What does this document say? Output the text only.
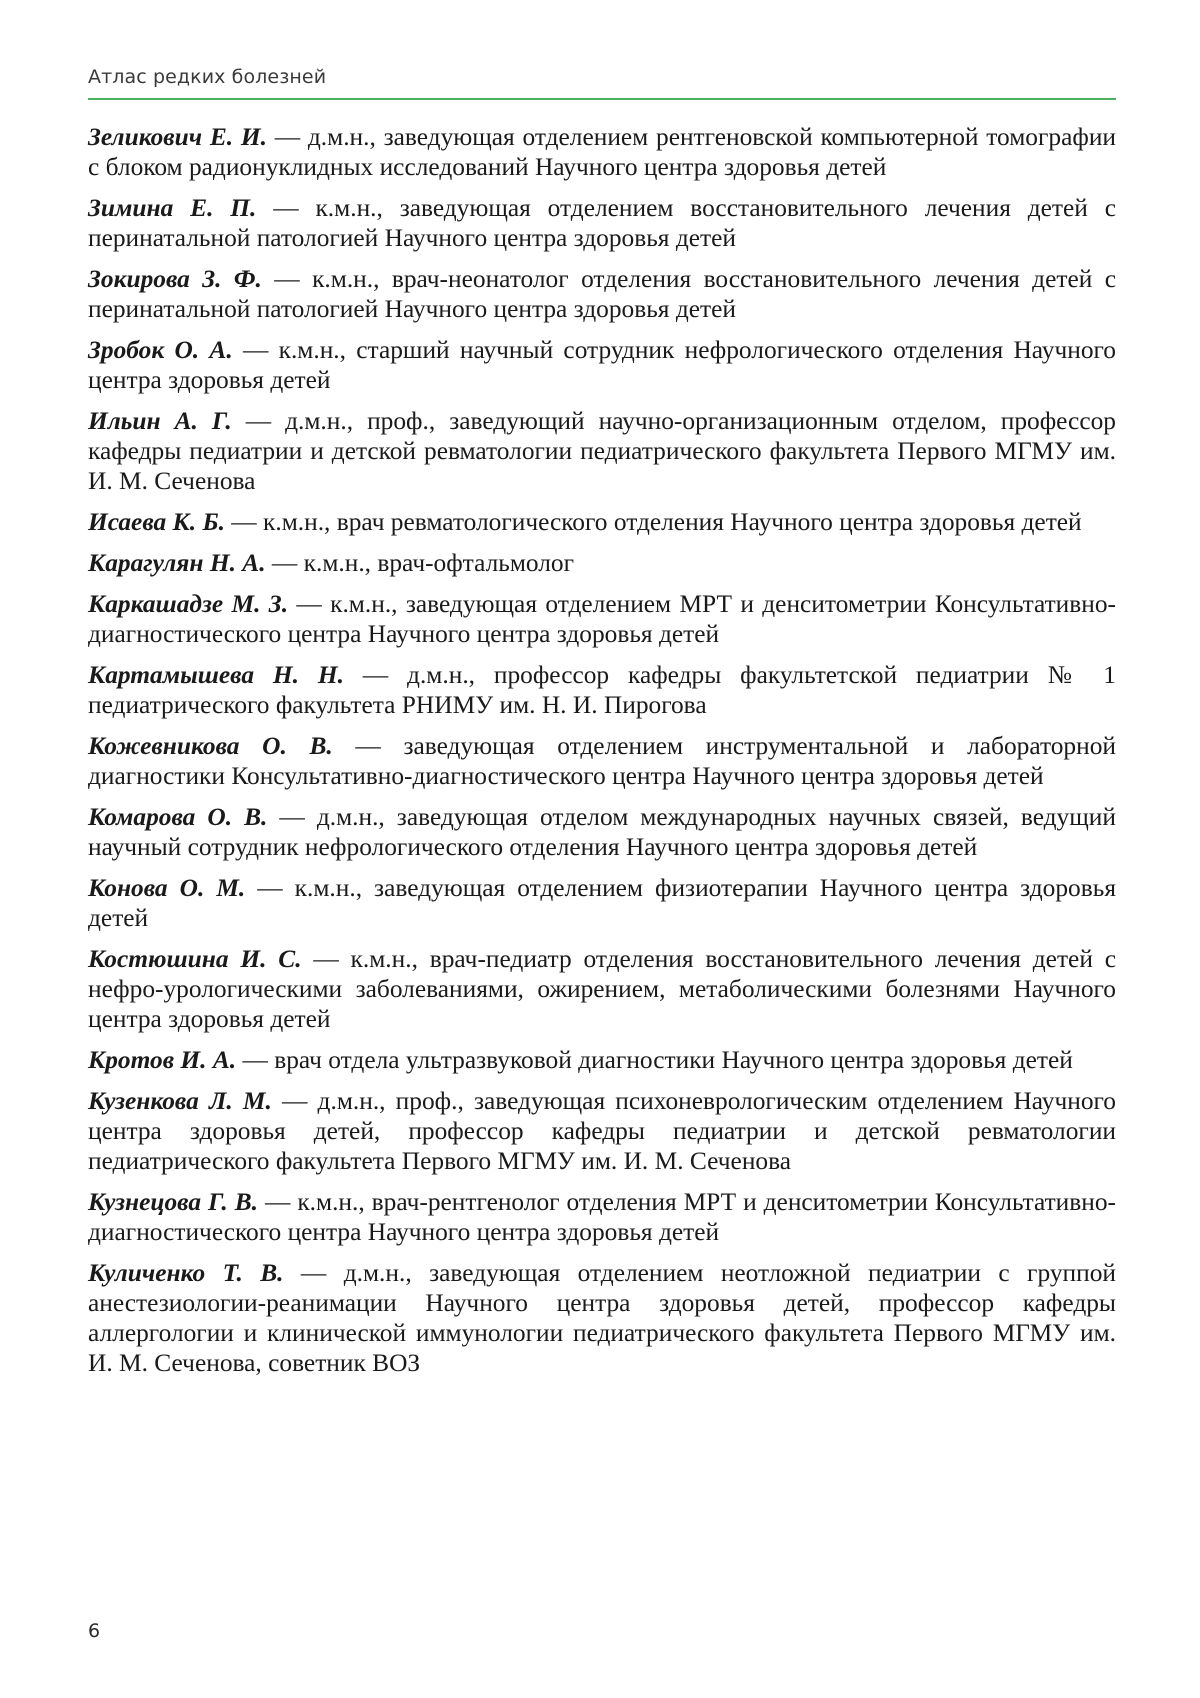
Атлас редких болезней

Зеликович Е. И. — д.м.н., заведующая отделением рентгеновской компьютерной томографии с блоком радионуклидных исследований Научного центра здоровья детей

Зимина Е. П. — к.м.н., заведующая отделением восстановительного лечения детей с перинатальной патологией Научного центра здоровья детей

Зокирова З. Ф. — к.м.н., врач-неонатолог отделения восстановительного лечения детей с перинатальной патологией Научного центра здоровья детей

Зробок О. А. — к.м.н., старший научный сотрудник нефрологического отделения Научного центра здоровья детей

Ильин А. Г. — д.м.н., проф., заведующий научно-организационным отделом, профессор кафедры педиатрии и детской ревматологии педиатрического факультета Первого МГМУ им. И. М. Сеченова

Исаева К. Б. — к.м.н., врач ревматологического отделения Научного центра здоровья детей

Карагулян Н. А. — к.м.н., врач-офтальмолог

Каркашадзе М. З. — к.м.н., заведующая отделением МРТ и денситометрии Консультативно-диагностического центра Научного центра здоровья детей

Картамышева Н. Н. — д.м.н., профессор кафедры факультетской педиатрии № 1 педиатрического факультета РНИМУ им. Н. И. Пирогова

Кожевникова О. В. — заведующая отделением инструментальной и лабораторной диагностики Консультативно-диагностического центра Научного центра здоровья детей

Комарова О. В. — д.м.н., заведующая отделом международных научных связей, ведущий научный сотрудник нефрологического отделения Научного центра здоровья детей

Конова О. М. — к.м.н., заведующая отделением физиотерапии Научного центра здоровья детей

Костюшина И. С. — к.м.н., врач-педиатр отделения восстановительного лечения детей с нефро-урологическими заболеваниями, ожирением, метаболическими болезнями Научного центра здоровья детей

Кротов И. А. — врач отдела ультразвуковой диагностики Научного центра здоровья детей

Кузенкова Л. М. — д.м.н., проф., заведующая психоневрологическим отделением Научного центра здоровья детей, профессор кафедры педиатрии и детской ревматологии педиатрического факультета Первого МГМУ им. И. М. Сеченова

Кузнецова Г. В. — к.м.н., врач-рентгенолог отделения МРТ и денситометрии Консультативно-диагностического центра Научного центра здоровья детей

Куличенко Т. В. — д.м.н., заведующая отделением неотложной педиатрии с группой анестезиологии-реанимации Научного центра здоровья детей, профессор кафедры аллергологии и клинической иммунологии педиатрического факультета Первого МГМУ им. И. М. Сеченова, советник ВОЗ

6
